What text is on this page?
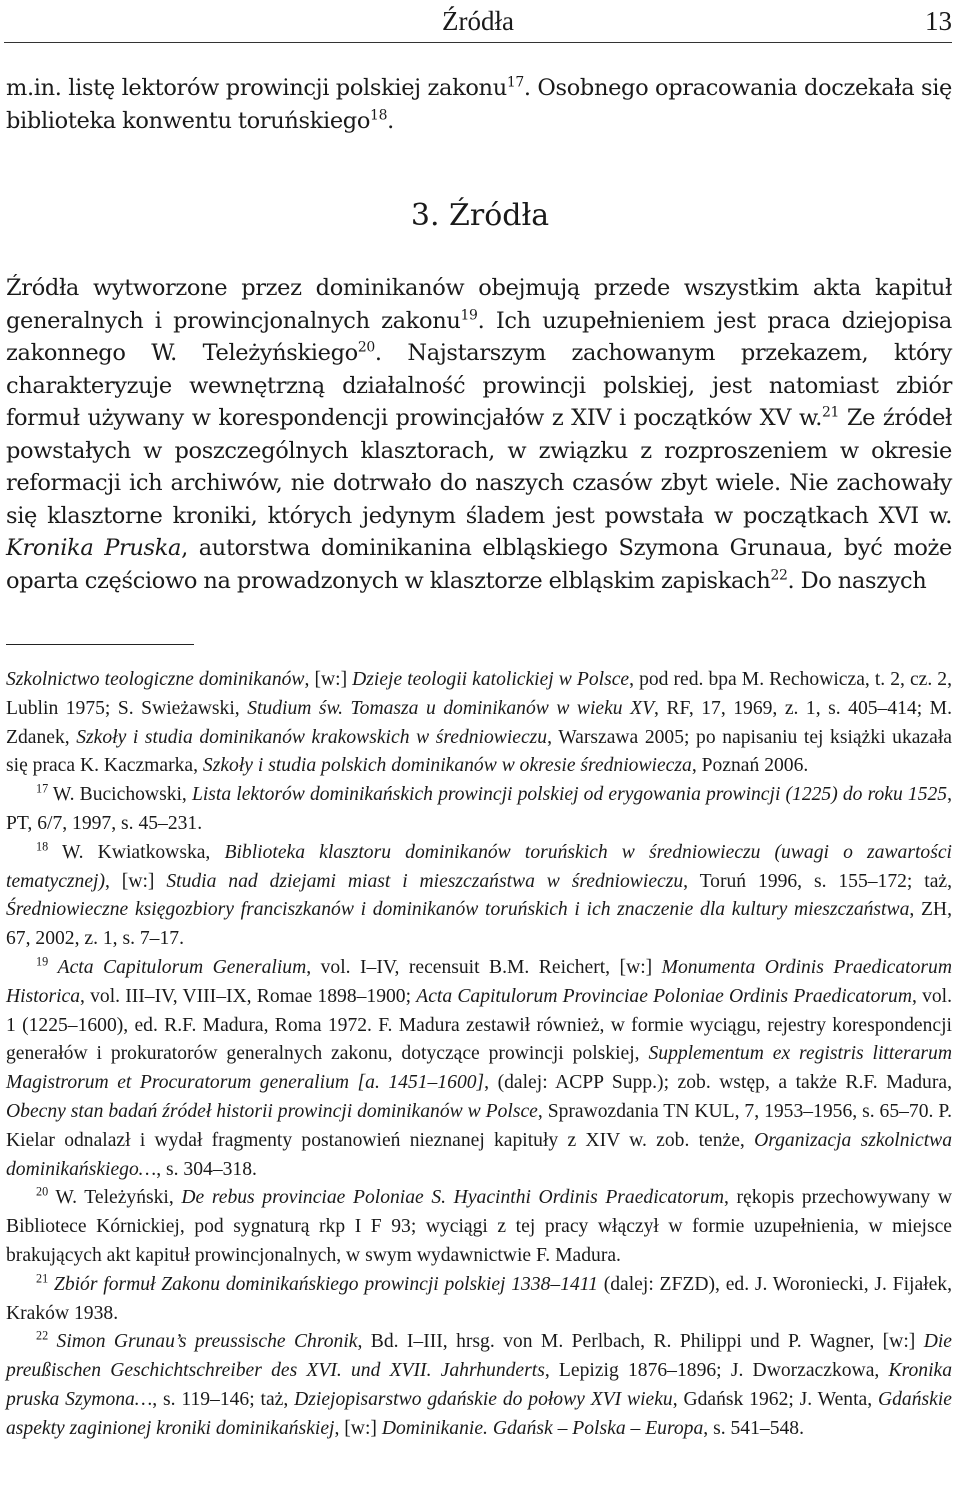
Źródła	13

m.in. listę lektorów prowincji polskiej zakonu$^{17}$. Osobnego opracowania doczekała się biblioteka konwentu toruńskiego$^{18}$.

3. Źródła

Źródła wytworzone przez dominikanów obejmują przede wszystkim akta kapituł generalnych i prowincjonalnych zakonu$^{19}$. Ich uzupełnieniem jest praca dziejopisa zakonnego W. Teleżyńskiego$^{20}$. Najstarszym zachowanym przekazem, który charakteryzuje wewnętrzną działalność prowincji polskiej, jest natomiast zbiór formuł używany w korespondencji prowincjałów z XIV i początków XV w.$^{21}$ Ze źródeł powstałych w poszczególnych klasztorach, w związku z rozproszeniem w okresie reformacji ich archiwów, nie dotrwało do naszych czasów zbyt wiele. Nie zachowały się klasztorne kroniki, których jedynym śladem jest powstała w początkach XVI w. Kronika Pruska, autorstwa dominikanina elbląskiego Szymona Grunaua, być może oparta częściowo na prowadzonych w klasztorze elbląskim zapiskach$^{22}$. Do naszych

Szkolnictwo teologiczne dominikanów, [w:] Dzieje teologii katolickiej w Polsce, pod red. bpa M. Rechowicza, t. 2, cz. 2, Lublin 1975; S. Swieżawski, Studium św. Tomasza u dominikanów w wieku XV, RF, 17, 1969, z. 1, s. 405–414; M. Zdanek, Szkoły i studia dominikanów krakowskich w średniowieczu, Warszawa 2005; po napisaniu tej książki ukazała się praca K. Kaczmarka, Szkoły i studia polskich dominikanów w okresie średniowiecza, Poznań 2006.

$^{17}$ W. Bucichowski, Lista lektorów dominikańskich prowincji polskiej od erygowania prowincji (1225) do roku 1525, PT, 6/7, 1997, s. 45–231.

$^{18}$ W. Kwiatkowska, Biblioteka klasztoru dominikanów toruńskich w średniowieczu (uwagi o zawartości tematycznej), [w:] Studia nad dziejami miast i mieszczaństwa w średniowieczu, Toruń 1996, s. 155–172; taż, Średniowieczne księgozbiory franciszkanów i dominikanów toruńskich i ich znaczenie dla kultury mieszczaństwa, ZH, 67, 2002, z. 1, s. 7–17.

$^{19}$ Acta Capitulorum Generalium, vol. I–IV, recensuit B.M. Reichert, [w:] Monumenta Ordinis Praedicatorum Historica, vol. III–IV, VIII–IX, Romae 1898–1900; Acta Capitulorum Provinciae Poloniae Ordinis Praedicatorum, vol. 1 (1225–1600), ed. R.F. Madura, Roma 1972. F. Madura zestawił również, w formie wyciągu, rejestry korespondencji generałów i prokuratorów generalnych zakonu, dotyczące prowincji polskiej, Supplementum ex registris litterarum Magistrorum et Procuratorum generalium [a. 1451–1600], (dalej: ACPP Supp.); zob. wstęp, a także R.F. Madura, Obecny stan badań źródeł historii prowincji dominikanów w Polsce, Sprawozdania TN KUL, 7, 1953–1956, s. 65–70. P. Kielar odnalazł i wydał fragmenty postanowień nieznanej kapituły z XIV w. zob. tenże, Organizacja szkolnictwa dominikańskiego…, s. 304–318.

$^{20}$ W. Teleżyński, De rebus provinciae Poloniae S. Hyacinthi Ordinis Praedicatorum, rękopis przechowywany w Bibliotece Kórnickiej, pod sygnaturą rkp I F 93; wyciągi z tej pracy włączył w formie uzupełnienia, w miejsce brakujących akt kapituł prowincjonalnych, w swym wydawnictwie F. Madura.

$^{21}$ Zbiór formuł Zakonu dominikańskiego prowincji polskiej 1338–1411 (dalej: ZFZD), ed. J. Woroniecki, J. Fijałek, Kraków 1938.

$^{22}$ Simon Grunau’s preussische Chronik, Bd. I–III, hrsg. von M. Perlbach, R. Philippi und P. Wagner, [w:] Die preußischen Geschichtschreiber des XVI. und XVII. Jahrhunderts, Lepizig 1876–1896; J. Dworzaczkowa, Kronika pruska Szymona…, s. 119–146; taż, Dziejopisarstwo gdańskie do połowy XVI wieku, Gdańsk 1962; J. Wenta, Gdańskie aspekty zaginionej kroniki dominikańskiej, [w:] Dominikanie. Gdańsk – Polska – Europa, s. 541–548.
